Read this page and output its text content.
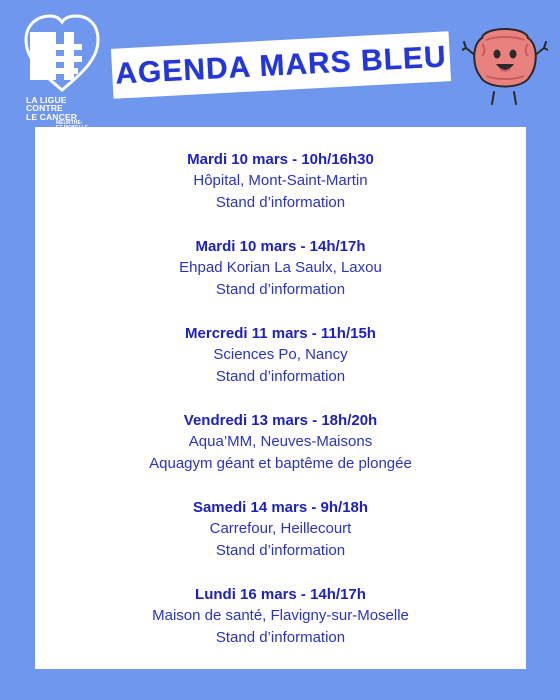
LA LIGUE
CONTRE
LE CANCER
MEURTHE-
AGENDA MARS BLEU
Mardi 10 mars - 10h/16h30
Hôpital, Mont-Saint-Martin
Stand d’information
Mardi 10 mars - 14h/17h
Ehpad Korian La Saulx, Laxou
Stand d’information
Mercredi 11 mars - 11h/15h
Sciences Po, Nancy
Stand d’information
Vendredi 13 mars - 18h/20h
Aqua’MM, Neuves-Maisons
Aquagym géant et baptême de plongée
Samedi 14 mars - 9h/18h
Carrefour, Heillecourt
Stand d’information
Lundi 16 mars - 14h/17h
Maison de santé, Flavigny-sur-Moselle
Stand d’information
